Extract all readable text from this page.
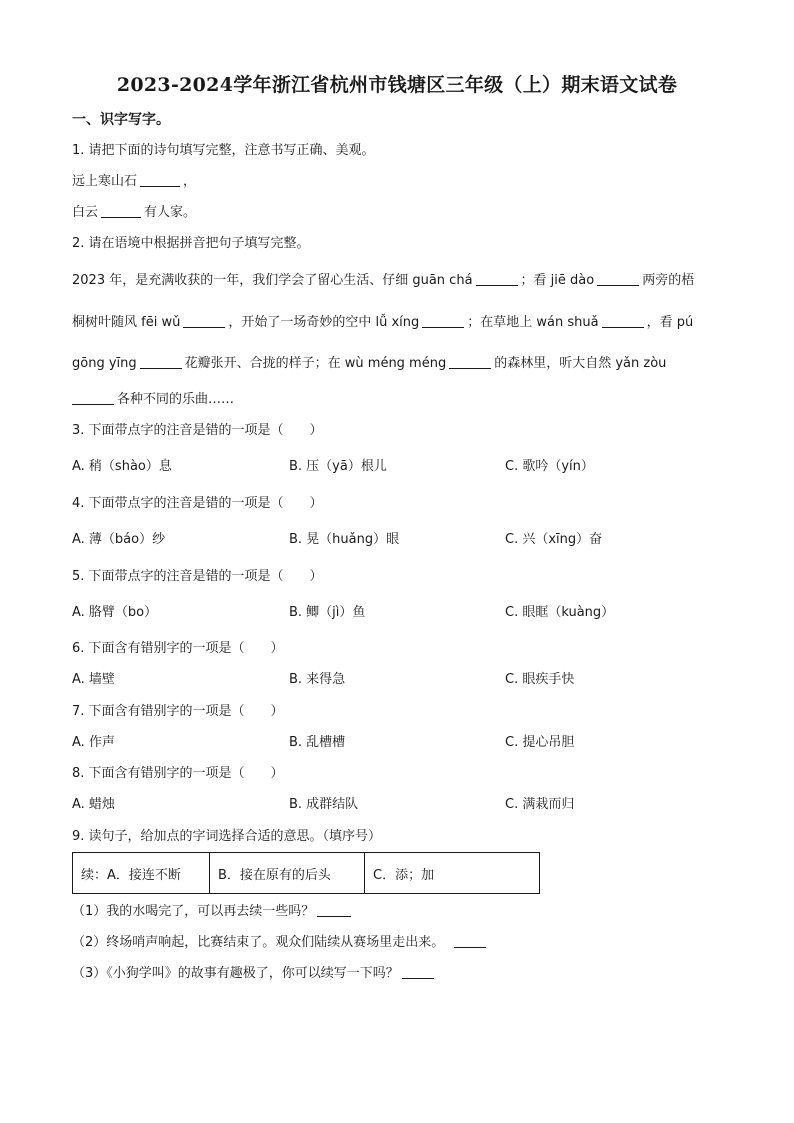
2023-2024学年浙江省杭州市钱塘区三年级（上）期末语文试卷
一、识字写字。
1. 请把下面的诗句填写完整，注意书写正确、美观。
远上寒山石	，
白云	有人家。
2. 请在语境中根据拼音把句子填写完整。
2023 年，是充满收获的一年，我们学会了留心生活、仔细 guān chá	；看 jiē dào	两旁的梧
桐树叶随风 fēi wǔ	，开始了一场奇妙的空中 lǚ xíng	；在草地上 wán shuǎ	，看 pú
gōng yīng	花瓣张开、合拢的样子；在 wù méng méng	的森林里，听大自然 yǎn zòu
各种不同的乐曲……
3. 下面带点字的注音是错的一项是（　　）
A. 稍（shào）息	B. 压（yā）根儿	C. 歌吟（yín）
4. 下面带点字的注音是错的一项是（　　）
A. 薄（báo）纱	B. 晃（huǎng）眼	C. 兴（xīng）奋
5. 下面带点字的注音是错的一项是（　　）
A. 胳臂（bo）	B. 鲫（jì）鱼	C. 眼眶（kuàng）
6. 下面含有错别字的一项是（　　）
A. 墙壁	B. 来得急	C. 眼疾手快
7. 下面含有错别字的一项是（　　）
A. 作声	B. 乱槽槽	C. 提心吊胆
8. 下面含有错别字的一项是（　　）
A. 蜡烛	B. 成群结队	C. 满栽而归
9. 读句子，给加点的字词选择合适的意思。（填序号）
续：A．接连不断	B．接在原有的后头	C．添；加
（1）我的水喝完了，可以再去续一些吗？
（2）终场哨声响起，比赛结束了。观众们陆续从赛场里走出来。
（3）《小狗学叫》的故事有趣极了，你可以续写一下吗？
